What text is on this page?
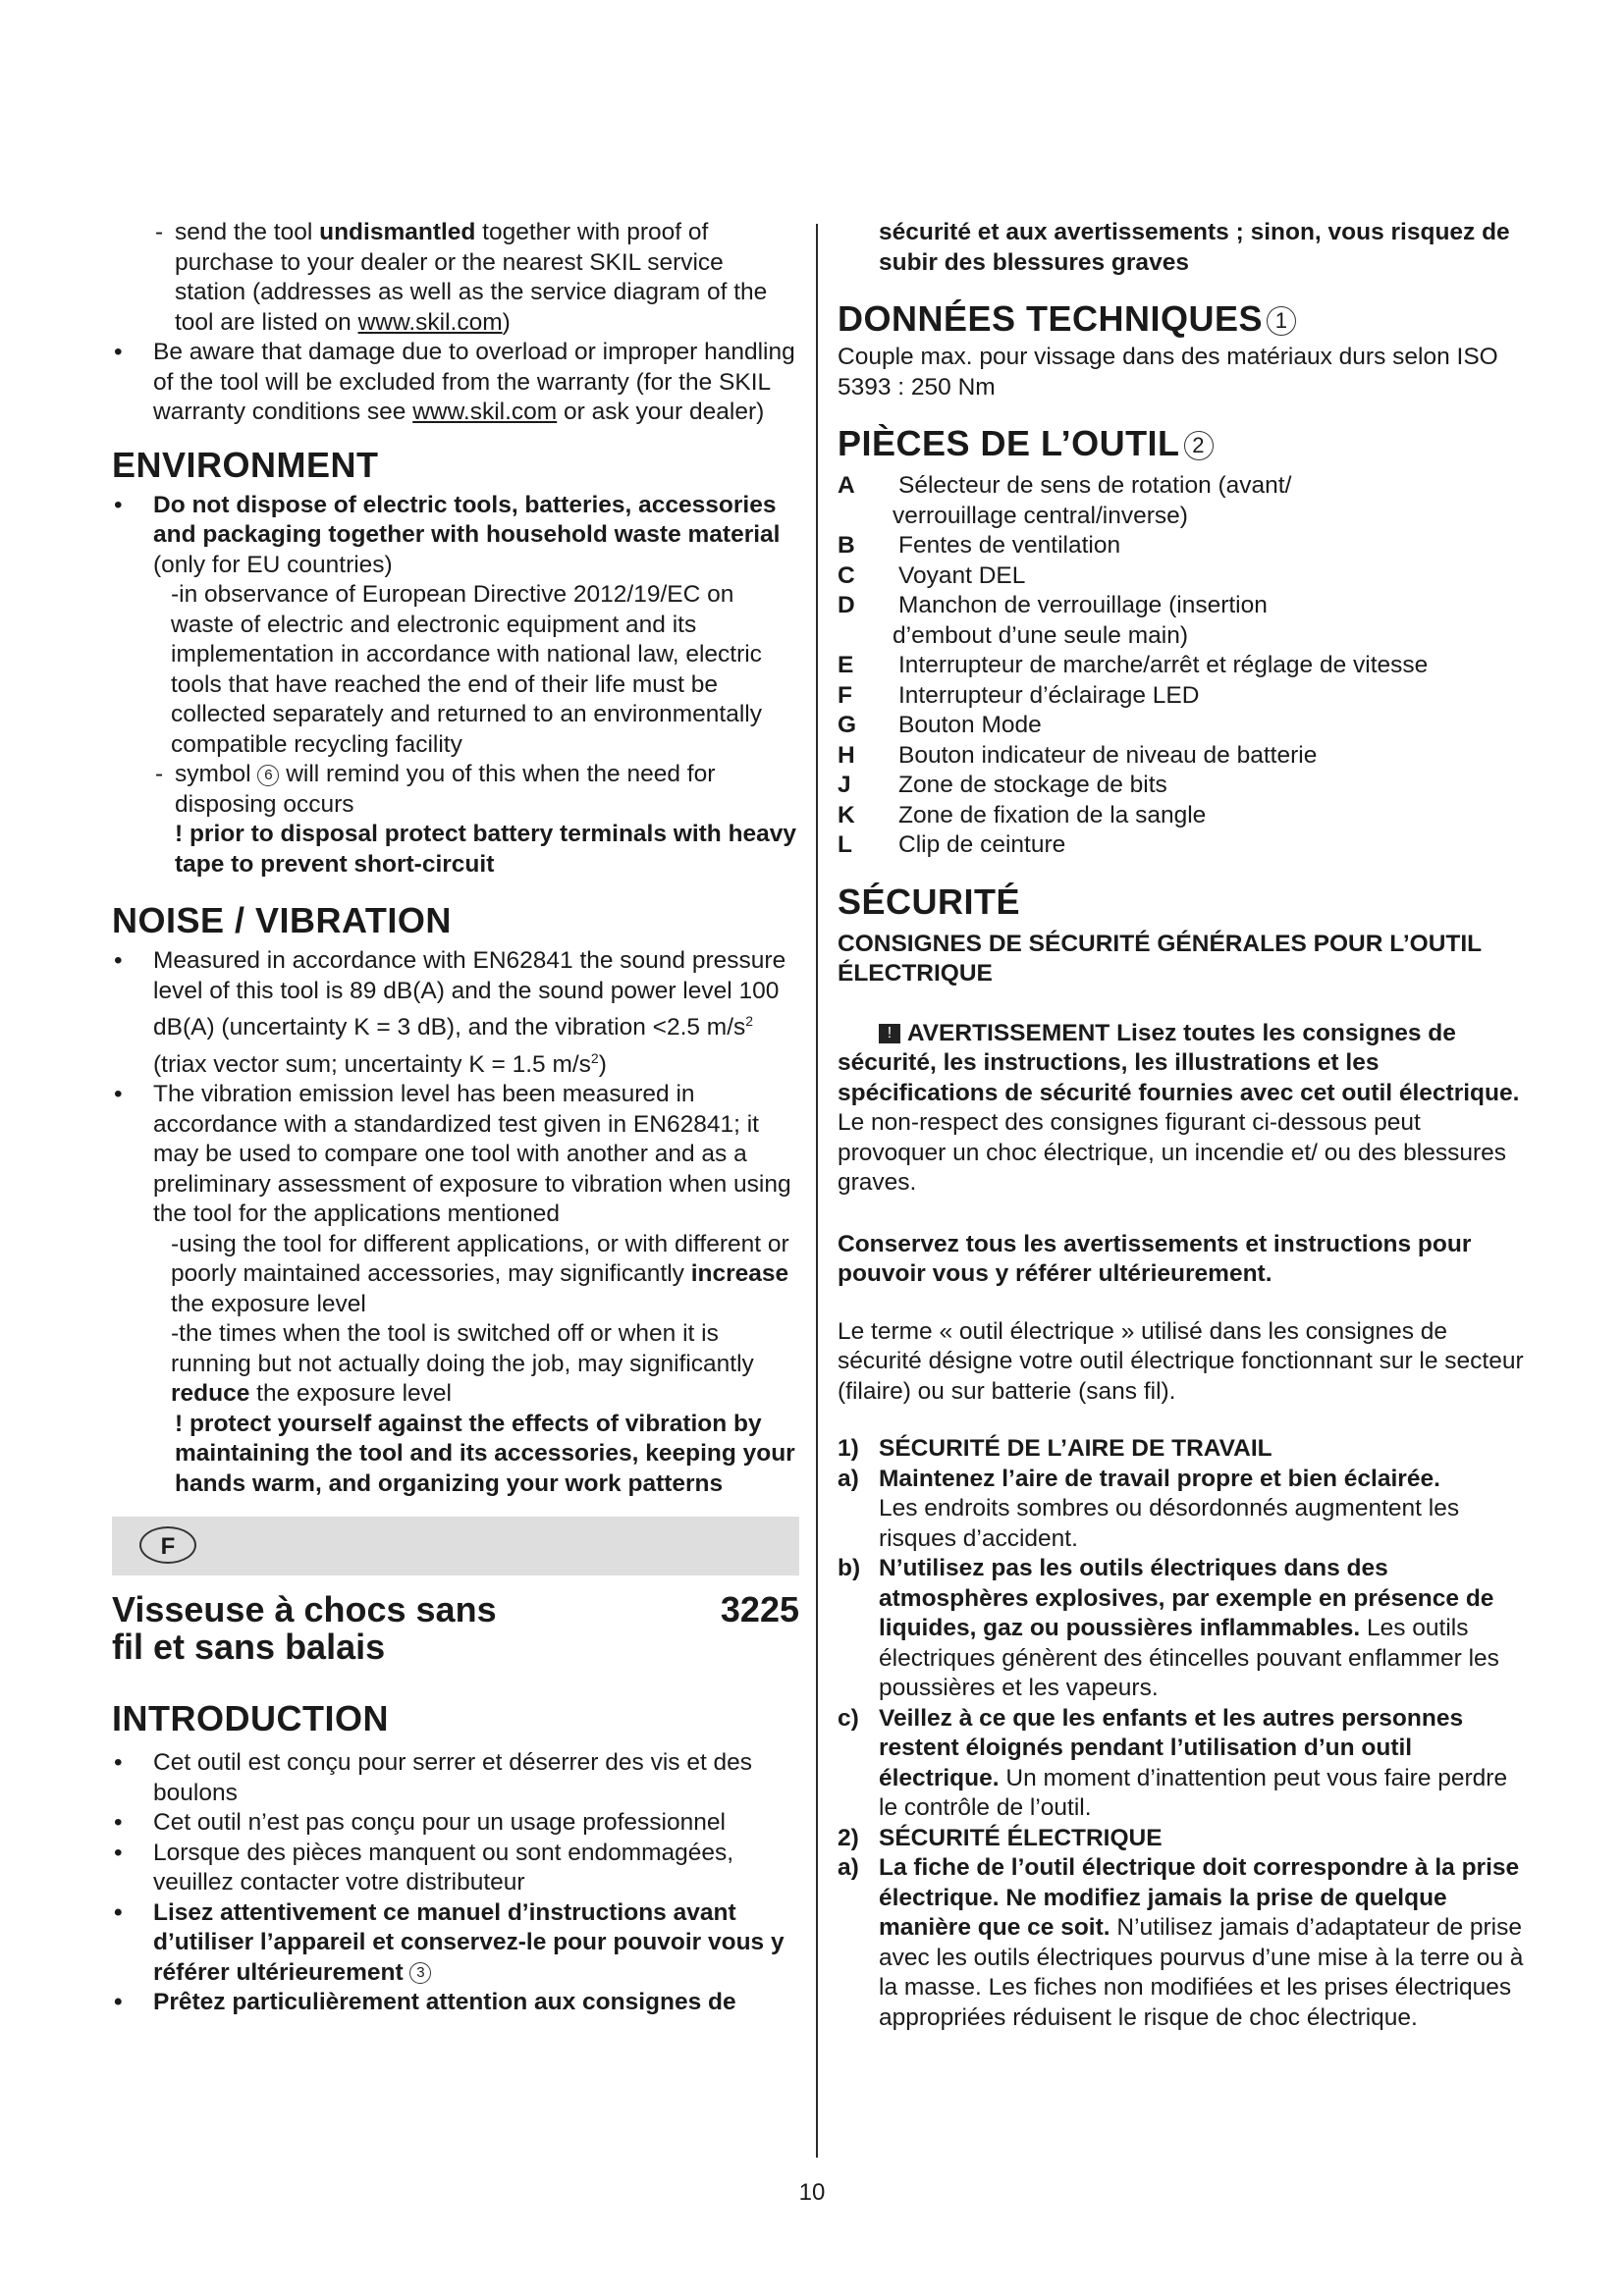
- send the tool undismantled together with proof of purchase to your dealer or the nearest SKIL service station (addresses as well as the service diagram of the tool are listed on www.skil.com)

• Be aware that damage due to overload or improper handling of the tool will be excluded from the warranty (for the SKIL warranty conditions see www.skil.com or ask your dealer)

ENVIRONMENT

• Do not dispose of electric tools, batteries, accessories and packaging together with household waste material (only for EU countries)

-in observance of European Directive 2012/19/EC on waste of electric and electronic equipment and its implementation in accordance with national law, electric tools that have reached the end of their life must be collected separately and returned to an environmentally compatible recycling facility

- symbol 6 will remind you of this when the need for disposing occurs

! prior to disposal protect battery terminals with heavy tape to prevent short-circuit

NOISE / VIBRATION

• Measured in accordance with EN62841 the sound pressure level of this tool is 89 dB(A) and the sound power level 100 dB(A) (uncertainty K = 3 dB), and the vibration <2.5 $m/s^2$ (triax vector sum; uncertainty K = 1.5 $m/s^2$)

• The vibration emission level has been measured in accordance with a standardized test given in EN62841; it may be used to compare one tool with another and as a preliminary assessment of exposure to vibration when using the tool for the applications mentioned

-using the tool for different applications, or with different or poorly maintained accessories, may significantly increase the exposure level

-the times when the tool is switched off or when it is running but not actually doing the job, may significantly reduce the exposure level

! protect yourself against the effects of vibration by maintaining the tool and its accessories, keeping your hands warm, and organizing your work patterns

F
Visseuse à chocs sans
fil et sans balais
3225

INTRODUCTION

• Cet outil est conçu pour serrer et déserrer des vis et des boulons

• Cet outil n’est pas conçu pour un usage professionnel

• Lorsque des pièces manquent ou sont endommagées, veuillez contacter votre distributeur

• Lisez attentivement ce manuel d’instructions avant d’utiliser l’appareil et conservez-le pour pouvoir vous y référer ultérieurement 3

• Prêtez particulièrement attention aux consignes de

sécurité et aux avertissements ; sinon, vous risquez de subir des blessures graves

DONNÉES TECHNIQUES 1

Couple max. pour vissage dans des matériaux durs selon ISO 5393 : 250 Nm

PIÈCES DE L’OUTIL 2

A	Sélecteur de sens de rotation (avant/
verrouillage central/inverse)
B	Fentes de ventilation
C	Voyant DEL
D	Manchon de verrouillage (insertion
d’embout d’une seule main)
E	Interrupteur de marche/arrêt et réglage de vitesse
F	Interrupteur d’éclairage LED
G	Bouton Mode
H	Bouton indicateur de niveau de batterie
J	Zone de stockage de bits
K	Zone de fixation de la sangle
L	Clip de ceinture

SÉCURITÉ

CONSIGNES DE SÉCURITÉ GÉNÉRALES POUR L’OUTIL ÉLECTRIQUE

! AVERTISSEMENT Lisez toutes les consignes de sécurité, les instructions, les illustrations et les spécifications de sécurité fournies avec cet outil électrique. Le non-respect des consignes figurant ci-dessous peut provoquer un choc électrique, un incendie et/ ou des blessures graves.

Conservez tous les avertissements et instructions pour pouvoir vous y référer ultérieurement.

Le terme « outil électrique » utilisé dans les consignes de sécurité désigne votre outil électrique fonctionnant sur le secteur (filaire) ou sur batterie (sans fil).

1) SÉCURITÉ DE L’AIRE DE TRAVAIL

a) Maintenez l’aire de travail propre et bien éclairée.
Les endroits sombres ou désordonnés augmentent les risques d’accident.

b) N’utilisez pas les outils électriques dans des atmosphères explosives, par exemple en présence de liquides, gaz ou poussières inflammables. Les outils électriques génèrent des étincelles pouvant enflammer les poussières et les vapeurs.

c) Veillez à ce que les enfants et les autres personnes restent éloignés pendant l’utilisation d’un outil électrique. Un moment d’inattention peut vous faire perdre le contrôle de l’outil.

2) SÉCURITÉ ÉLECTRIQUE

a) La fiche de l’outil électrique doit correspondre à la prise électrique. Ne modifiez jamais la prise de quelque manière que ce soit. N’utilisez jamais d’adaptateur de prise avec les outils électriques pourvus d’une mise à la terre ou à la masse. Les fiches non modifiées et les prises électriques appropriées réduisent le risque de choc électrique.

10
